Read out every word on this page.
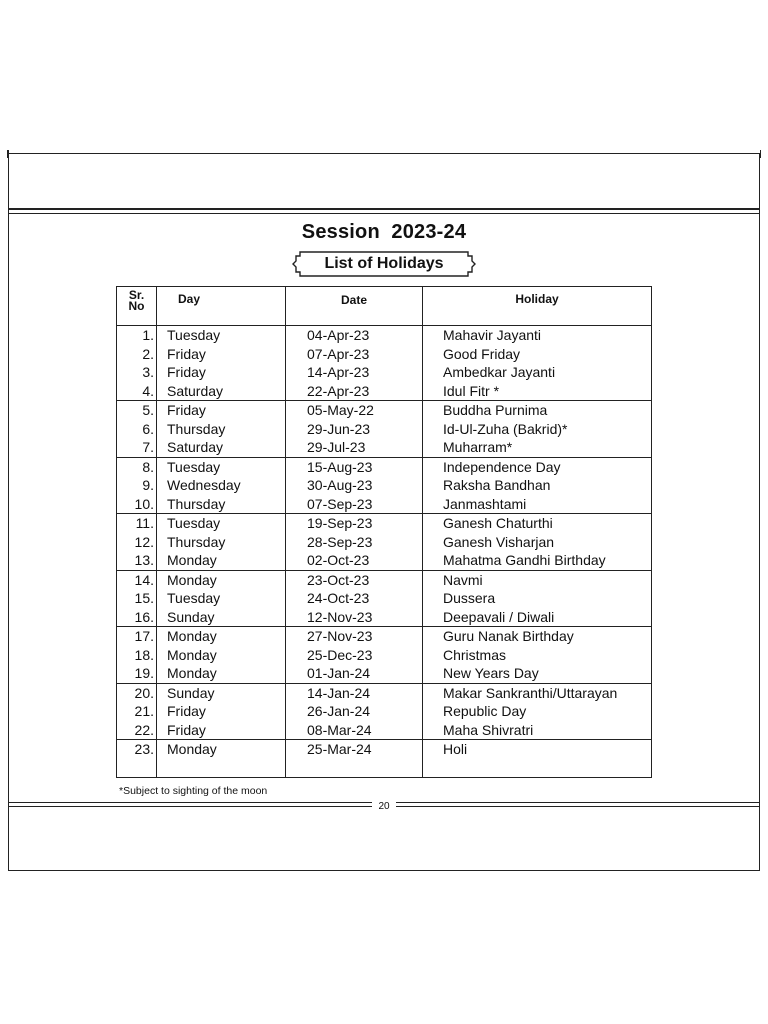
Session  2023-24
List of Holidays
Sr.
No	Day	Date	Holiday
1.	Tuesday	04-Apr-23	Mahavir Jayanti
2.	Friday	07-Apr-23	Good Friday
3.	Friday	14-Apr-23	Ambedkar Jayanti
4.	Saturday	22-Apr-23	Idul Fitr *
5.	Friday	05-May-22	Buddha Purnima
6.	Thursday	29-Jun-23	Id-Ul-Zuha (Bakrid)*
7.	Saturday	29-Jul-23	Muharram*
8.	Tuesday	15-Aug-23	Independence Day
9.	Wednesday	30-Aug-23	Raksha Bandhan
10.	Thursday	07-Sep-23	Janmashtami
11.	Tuesday	19-Sep-23	Ganesh Chaturthi
12.	Thursday	28-Sep-23	Ganesh Visharjan
13.	Monday	02-Oct-23	Mahatma Gandhi Birthday
14.	Monday	23-Oct-23	Navmi
15.	Tuesday	24-Oct-23	Dussera
16.	Sunday	12-Nov-23	Deepavali / Diwali
17.	Monday	27-Nov-23	Guru Nanak Birthday
18.	Monday	25-Dec-23	Christmas
19.	Monday	01-Jan-24	New Years Day
20.	Sunday	14-Jan-24	Makar Sankranthi/Uttarayan
21.	Friday	26-Jan-24	Republic Day
22.	Friday	08-Mar-24	Maha Shivratri
23.	Monday	25-Mar-24	Holi

*Subject to sighting of the moon
20
